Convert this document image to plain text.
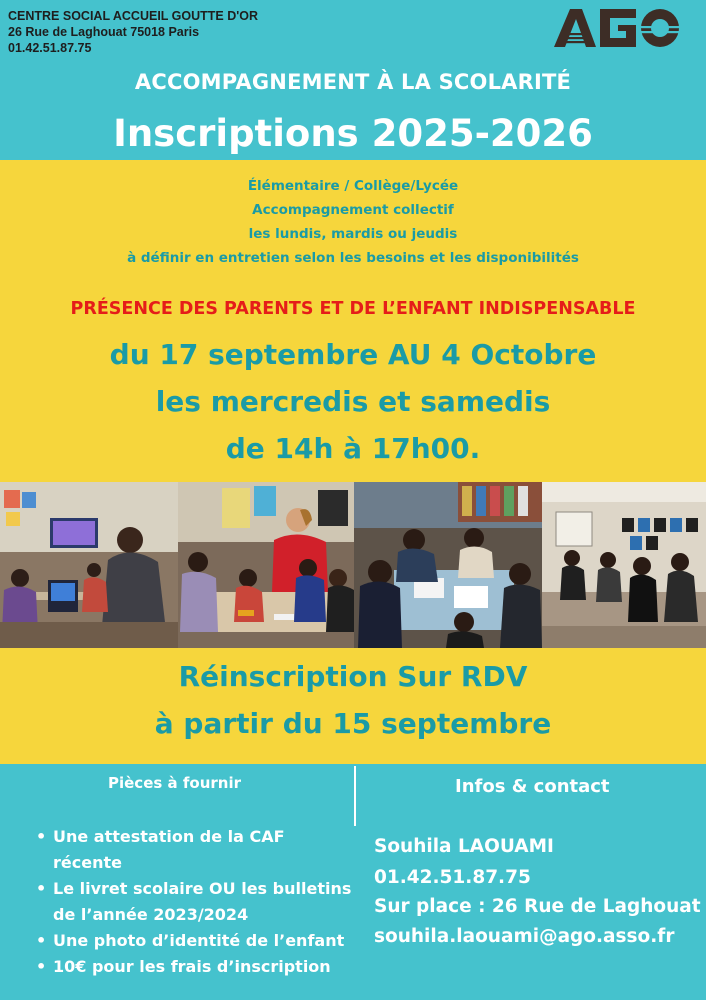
CENTRE SOCIAL ACCUEIL GOUTTE D'OR
26 Rue de Laghouat 75018 Paris
01.42.51.87.75
ACCOMPAGNEMENT À LA SCOLARITÉ
Inscriptions 2025-2026
Élémentaire / Collège/Lycée
Accompagnement collectif
les lundis, mardis ou jeudis
à définir en entretien selon les besoins et les disponibilités
PRÉSENCE DES PARENTS ET DE L’ENFANT INDISPENSABLE
du 17 septembre AU 4 Octobre
les mercredis et samedis
de 14h à 17h00.
Réinscription Sur RDV
à partir du 15 septembre
Pièces à fournir	Infos & contact
• Une attestation de la CAF récente
• Le livret scolaire OU les bulletins de l’année 2023/2024
• Une photo d’identité de l’enfant
• 10€ pour les frais d’inscription
Souhila LAOUAMI
01.42.51.87.75
Sur place : 26 Rue de Laghouat
souhila.laouami@ago.asso.fr
